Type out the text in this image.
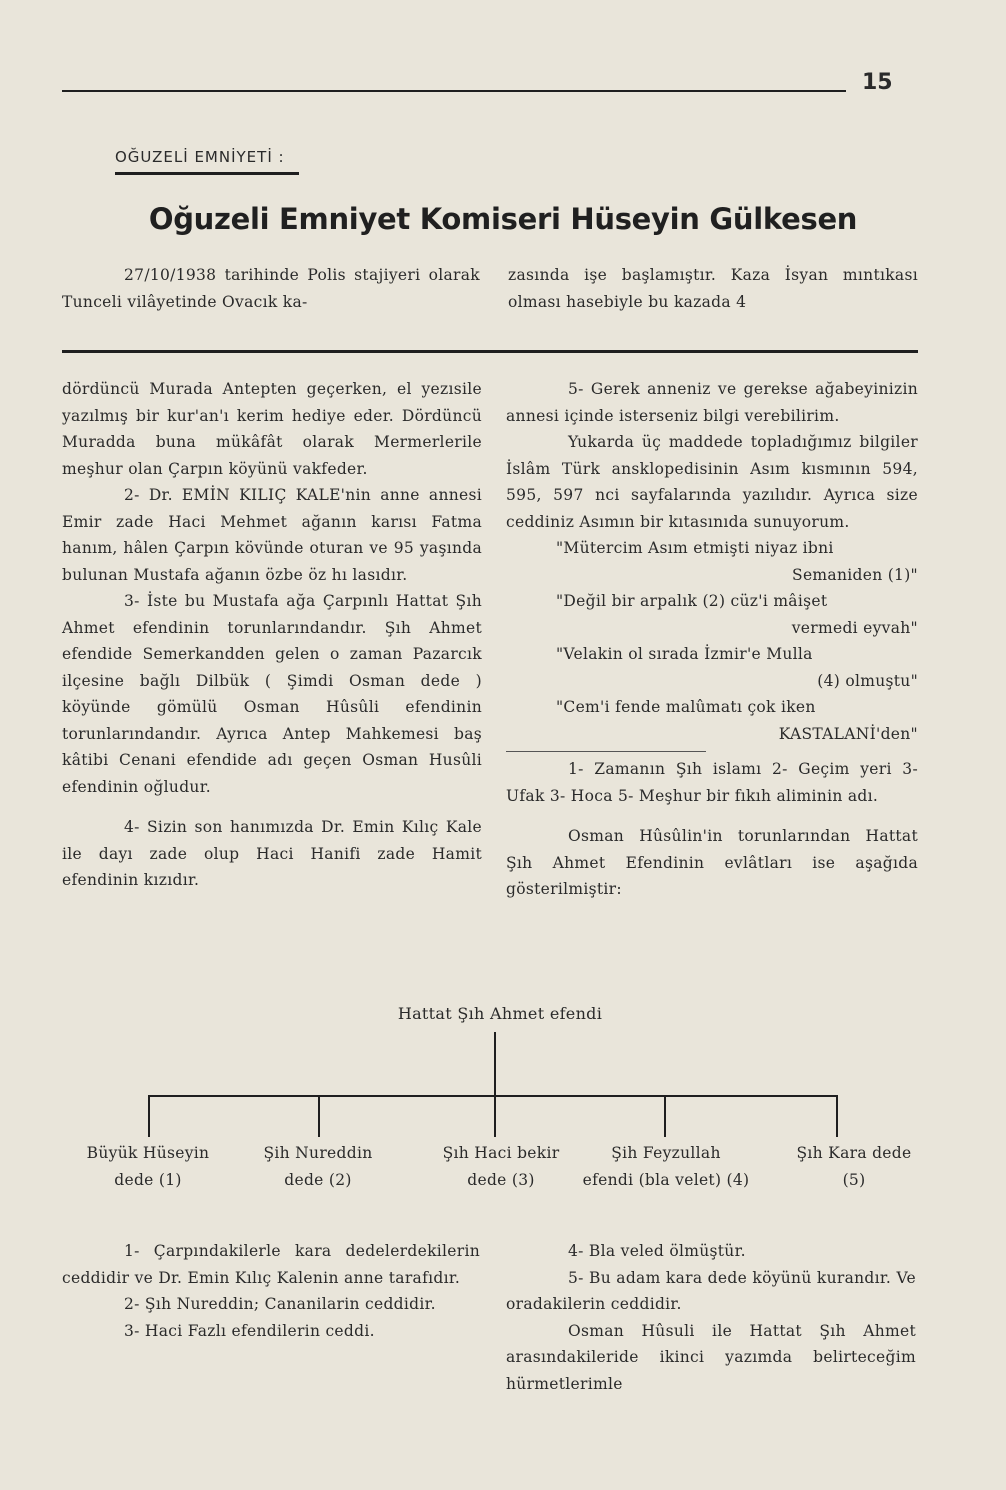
15
OĞUZELİ EMNİYETİ :
Oğuzeli Emniyet Komiseri Hüseyin Gülkesen

27/10/1938 tarihinde Polis stajiyeri olarak Tunceli vilâyetinde Ovacık ka-

zasında işe başlamıştır. Kaza İsyan mıntıkası olması hasebiyle bu kazada 4

dördüncü Murada Antepten geçerken, el yezısile yazılmış bir kur'an'ı kerim hediye eder. Dördüncü Muradda buna mükâfât olarak Mermerlerile meşhur olan Çarpın köyünü vakfeder.

2- Dr. EMİN KILIÇ KALE'nin anne annesi Emir zade Haci Mehmet ağanın karısı Fatma hanım, hâlen Çarpın kövünde oturan ve 95 yaşında bulunan Mustafa ağanın özbe öz hı lasıdır.

3- İste bu Mustafa ağa Çarpınlı Hattat Şıh Ahmet efendinin torunlarındandır. Şıh Ahmet efendide Semerkandden gelen o zaman Pazarcık ilçesine bağlı Dilbük ( Şimdi Osman dede ) köyünde gömülü Osman Hûsûli efendinin torunlarındandır. Ayrıca Antep Mahkemesi baş kâtibi Cenani efendide adı geçen Osman Husûli efendinin oğludur.

4- Sizin son hanımızda Dr. Emin Kılıç Kale ile dayı zade olup Haci Hanifi zade Hamit efendinin kızıdır.

5- Gerek anneniz ve gerekse ağabeyinizin annesi içinde isterseniz bilgi verebilirim.

Yukarda üç maddede topladığımız bilgiler İslâm Türk ansklopedisinin Asım kısmının 594, 595, 597 nci sayfalarında yazılıdır. Ayrıca size ceddiniz Asımın bir kıtasınıda sunuyorum.

"Mütercim Asım etmişti niyaz ibni
Semaniden (1)"
"Değil bir arpalık (2) cüz'i mâişet
vermedi eyvah"
"Velakin ol sırada İzmir'e Mulla
(4) olmuştu"
"Cem'i fende malûmatı çok iken
KASTALANİ'den"

1- Zamanın Şıh islamı 2- Geçim yeri 3- Ufak 3- Hoca 5- Meşhur bir fıkıh aliminin adı.

Osman Hûsûlin'in torunlarından Hattat Şıh Ahmet Efendinin evlâtları ise aşağıda gösterilmiştir:

Hattat Şıh Ahmet efendi
Büyük Hüseyin
dede (1)
Şih Nureddin
dede (2)
Şıh Haci bekir
dede (3)
Şih Feyzullah
efendi (bla velet) (4)
Şıh Kara dede
(5)

1- Çarpındakilerle kara dedelerdekilerin ceddidir ve Dr. Emin Kılıç Kalenin anne tarafıdır.

2- Şıh Nureddin; Cananilarin ceddidir.

3- Haci Fazlı efendilerin ceddi.

4- Bla veled ölmüştür.

5- Bu adam kara dede köyünü kurandır. Ve oradakilerin ceddidir.

Osman Hûsuli ile Hattat Şıh Ahmet arasındakileride ikinci yazımda belirteceğim hürmetlerimle
